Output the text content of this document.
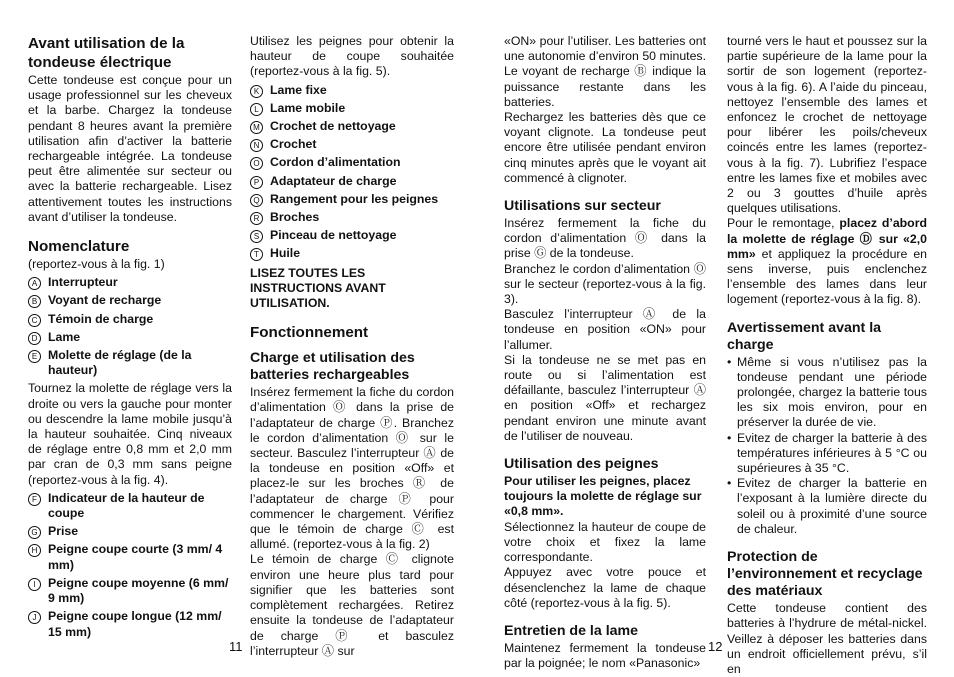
Avant utilisation de la tondeuse électrique

Cette tondeuse est conçue pour un usage professionnel sur les cheveux et la barbe. Chargez la tondeuse pendant 8 heures avant la première utilisation afin d’activer la batterie rechargeable intégrée. La tondeuse peut être alimentée sur secteur ou avec la batterie rechargeable. Lisez attentivement toutes les instructions avant d’utiliser la tondeuse.

Nomenclature

(reportez-vous à la fig. 1)

A Interrupteur
B Voyant de recharge
C Témoin de charge
D Lame
E Molette de réglage (de la hauteur)

Tournez la molette de réglage vers la droite ou vers la gauche pour monter ou descendre la lame mobile jusqu’à la hauteur souhaitée. Cinq niveaux de réglage entre 0,8 mm et 2,0 mm par cran de 0,3 mm sans peigne (reportez-vous à la fig. 4).

F Indicateur de la hauteur de coupe
G Prise
H Peigne coupe courte (3 mm/ 4 mm)
I	Peigne coupe moyenne (6 mm/ 9 mm)
J Peigne coupe longue (12 mm/ 15 mm)

Utilisez les peignes pour obtenir la hauteur de coupe souhaitée (reportez-vous à la fig. 5).

K Lame fixe
L Lame mobile
M Crochet de nettoyage
N Crochet
O Cordon d’alimentation
P Adaptateur de charge
Q Rangement pour les peignes
R Broches
S Pinceau de nettoyage
T Huile

LISEZ TOUTES LES INSTRUCTIONS AVANT UTILISATION.

Fonctionnement
Charge et utilisation des batteries rechargeables

Insérez fermement la fiche du cordon d’alimentation Ⓞ dans la prise de l’adaptateur de charge Ⓟ. Branchez le cordon d’alimentation Ⓞ sur le secteur. Basculez l’interrupteur Ⓐ de la tondeuse en position «Off» et placez-le sur les broches Ⓡ de l’adaptateur de charge Ⓟ pour commencer le chargement. Vérifiez que le témoin de charge Ⓒ est allumé. (reportez-vous à la fig. 2)

Le témoin de charge Ⓒ clignote environ une heure plus tard pour signifier que les batteries sont complètement rechargées. Retirez ensuite la tondeuse de l’adaptateur de charge Ⓟ et basculez l’interrupteur Ⓐ sur

«ON» pour l’utiliser. Les batteries ont une autonomie d’environ 50 minutes. Le voyant de recharge Ⓑ indique la puissance restante dans les batteries.

Rechargez les batteries dès que ce voyant clignote. La tondeuse peut encore être utilisée pendant environ cinq minutes après que le voyant ait commencé à clignoter.

Utilisations sur secteur

Insérez fermement la fiche du cordon d’alimentation Ⓞ dans la prise Ⓖ de la tondeuse.

Branchez le cordon d’alimentation Ⓞ sur le secteur (reportez-vous à la fig. 3).

Basculez l’interrupteur Ⓐ de la tondeuse en position «ON» pour l’allumer.

Si la tondeuse ne se met pas en route ou si l’alimentation est défaillante, basculez l’interrupteur Ⓐ en position «Off» et rechargez pendant environ une minute avant de l’utiliser de nouveau.

Utilisation des peignes

Pour utiliser les peignes, placez toujours la molette de réglage sur «0,8 mm».

Sélectionnez la hauteur de coupe de votre choix et fixez la lame correspondante.

Appuyez avec votre pouce et désenclenchez la lame de chaque côté (reportez-vous à la fig. 5).

Entretien de la lame

Maintenez fermement la tondeuse par la poignée; le nom «Panasonic»

tourné vers le haut et poussez sur la partie supérieure de la lame pour la sortir de son logement (reportez-vous à la fig. 6). A l’aide du pinceau, nettoyez l’ensemble des lames et enfoncez le crochet de nettoyage pour libérer les poils/cheveux coincés entre les lames (reportez-vous à la fig. 7). Lubrifiez l’espace entre les lames fixe et mobiles avec 2 ou 3 gouttes d’huile après quelques utilisations.

Pour le remontage, placez d’abord la molette de réglage Ⓓ sur «2,0 mm» et appliquez la procédure en sens inverse, puis enclenchez l’ensemble des lames dans leur logement (reportez-vous à la fig. 8).

Avertissement avant la charge
• Même si vous n’utilisez pas la tondeuse pendant une période prolongée, chargez la batterie tous les six mois environ, pour en préserver la durée de vie.
• Evitez de charger la batterie à des températures inférieures à 5 °C ou supérieures à 35 °C.
• Evitez de charger la batterie en l’exposant à la lumière directe du soleil ou à proximité d’une source de chaleur.
Protection de l’environnement et recyclage des matériaux

Cette tondeuse contient des batteries à l’hydrure de métal-nickel. Veillez à déposer les batteries dans un endroit officiellement prévu, s’il en

11	12
